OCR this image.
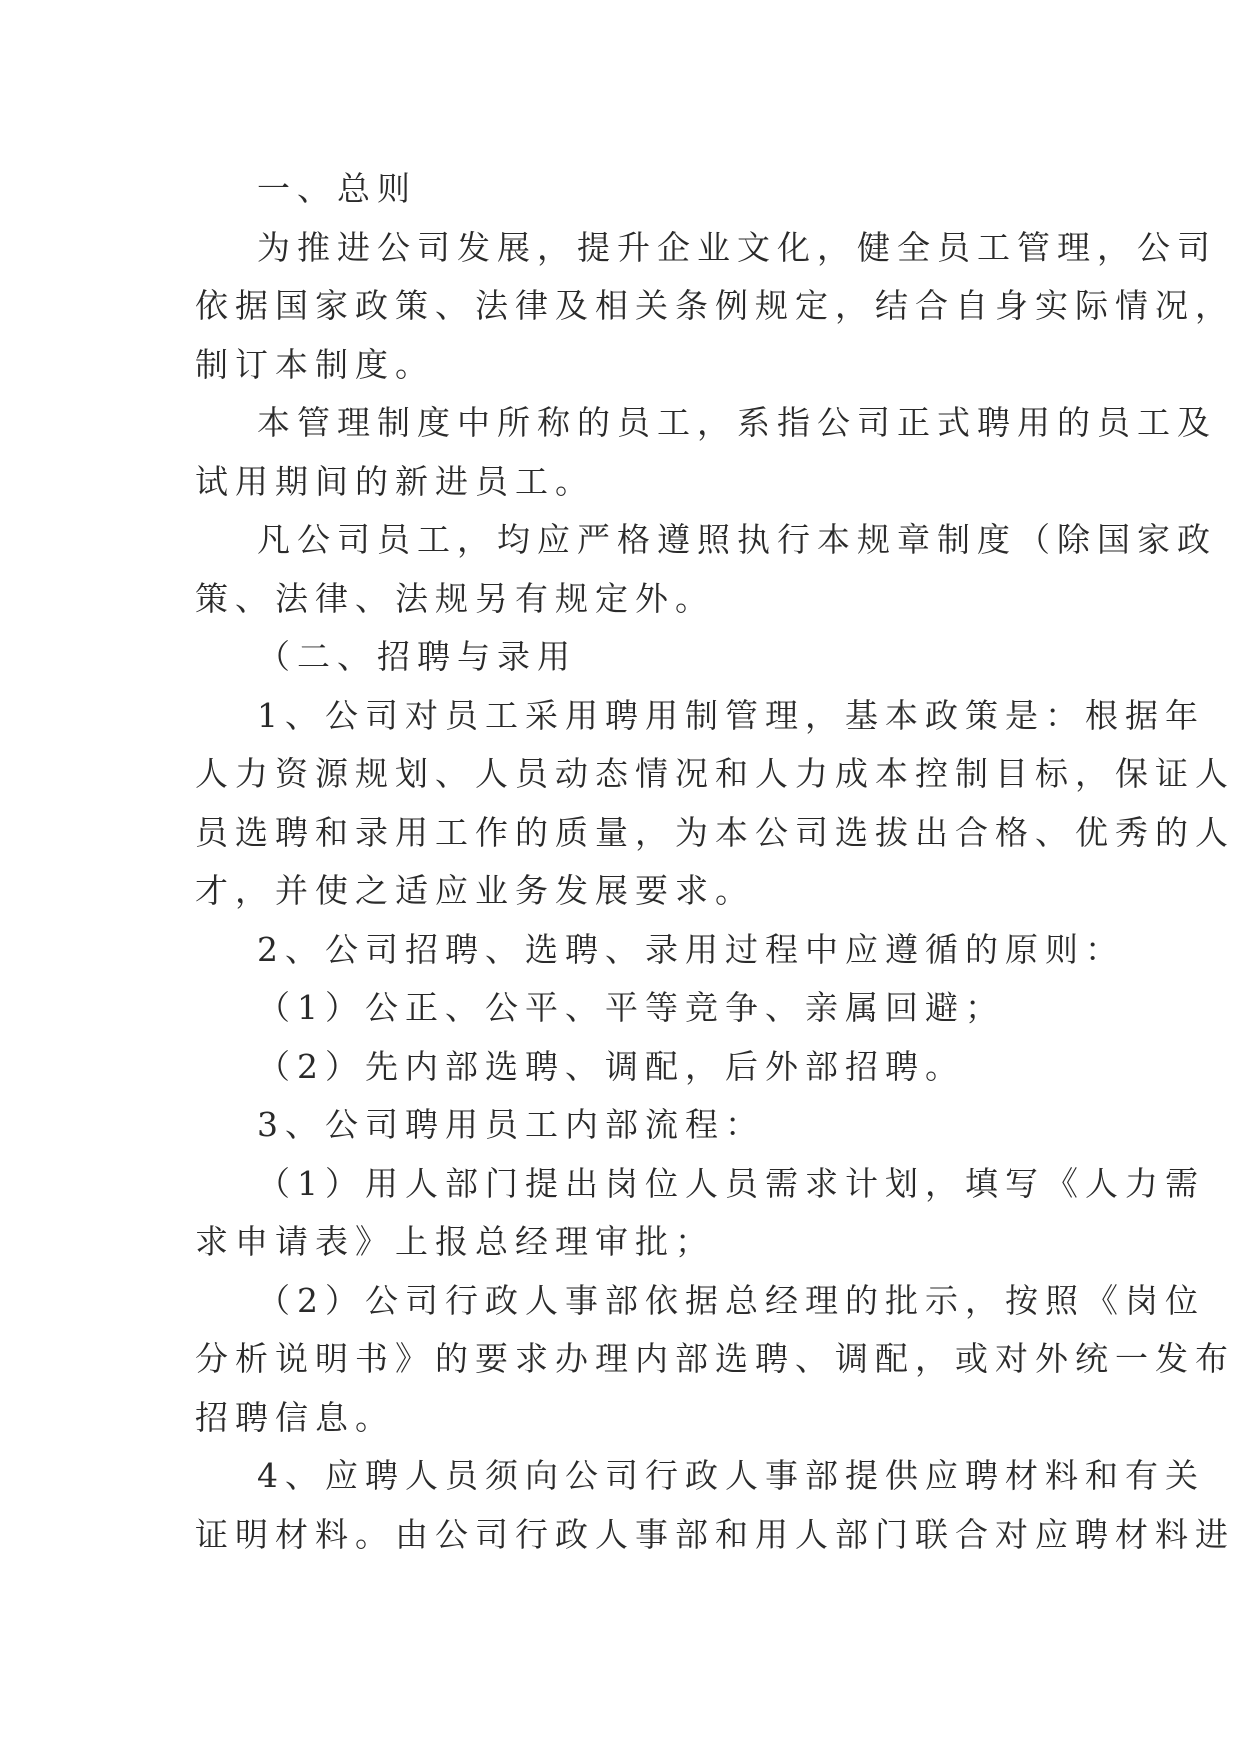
一、总则
为推进公司发展，提升企业文化，健全员工管理，公司
依据国家政策、法律及相关条例规定，结合自身实际情况，
制订本制度。
本管理制度中所称的员工，系指公司正式聘用的员工及
试用期间的新进员工。
凡公司员工，均应严格遵照执行本规章制度（除国家政
策、法律、法规另有规定外。
（二、招聘与录用
1、公司对员工采用聘用制管理，基本政策是：根据年
人力资源规划、人员动态情况和人力成本控制目标，保证人
员选聘和录用工作的质量，为本公司选拔出合格、优秀的人
才，并使之适应业务发展要求。
2、公司招聘、选聘、录用过程中应遵循的原则：
（1）公正、公平、平等竞争、亲属回避；
（2）先内部选聘、调配，后外部招聘。
3、公司聘用员工内部流程：
（1）用人部门提出岗位人员需求计划，填写《人力需
求申请表》上报总经理审批；
（2）公司行政人事部依据总经理的批示，按照《岗位
分析说明书》的要求办理内部选聘、调配，或对外统一发布
招聘信息。
4、应聘人员须向公司行政人事部提供应聘材料和有关
证明材料。由公司行政人事部和用人部门联合对应聘材料进
